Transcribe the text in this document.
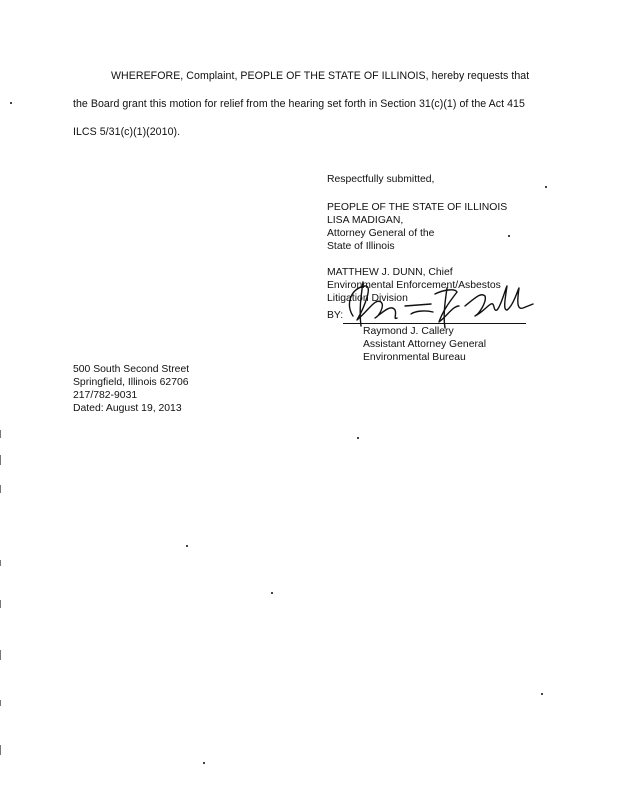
WHEREFORE, Complaint, PEOPLE OF THE STATE OF ILLINOIS, hereby requests that
the Board grant this motion for relief from the hearing set forth in Section 31(c)(1) of the Act 415
ILCS 5/31(c)(1)(2010).
Respectfully submitted,
PEOPLE OF THE STATE OF ILLINOIS
LISA MADIGAN,
Attorney General of the
State of Illinois
MATTHEW J. DUNN, Chief
Environmental Enforcement/Asbestos
Litigation Division
BY:
Raymond J. Callery
Assistant Attorney General
Environmental Bureau
500 South Second Street
Springfield, Illinois 62706
217/782-9031
Dated: August 19, 2013
